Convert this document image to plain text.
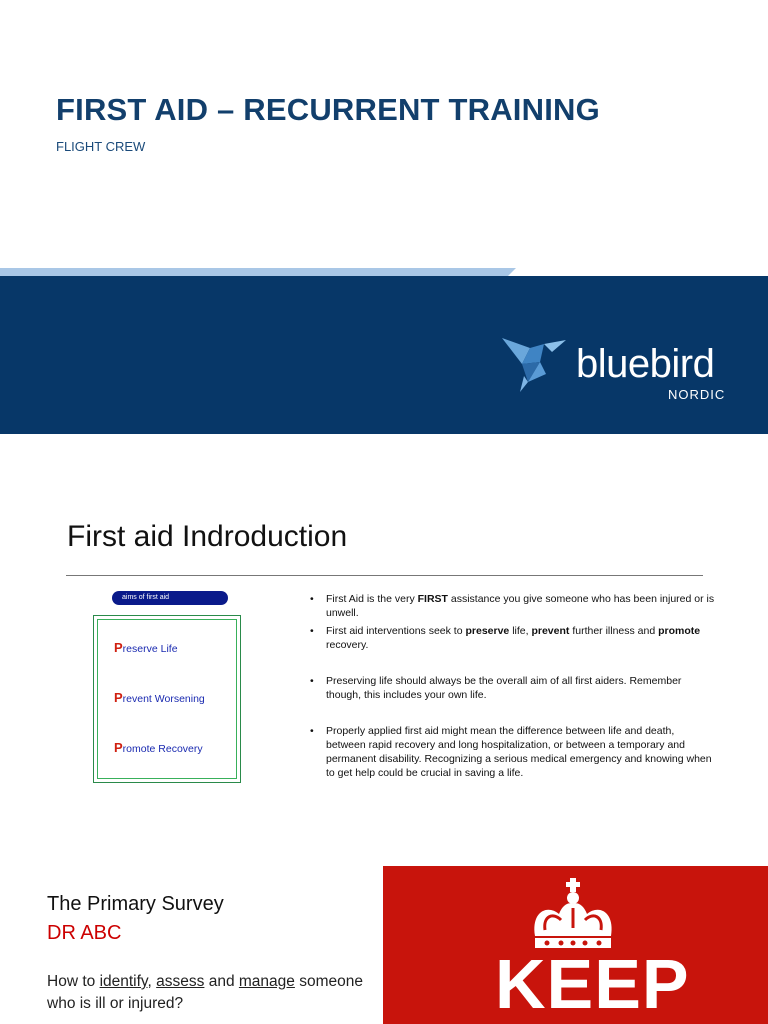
FIRST AID – RECURRENT TRAINING
FLIGHT CREW
bluebird
NORDIC
First aid Indroduction
aims of first aid
Preserve Life
Prevent Worsening
Promote Recovery
• First Aid is the very FIRST assistance you give someone who has been injured or is unwell.
• First aid interventions seek to preserve life, prevent further illness and promote recovery.
• Preserving life should always be the overall aim of all first aiders. Remember though, this includes your own life.
• Properly applied first aid might mean the difference between life and death, between rapid recovery and long hospitalization, or between a temporary and permanent disability. Recognizing a serious medical emergency and knowing when to get help could be crucial in saving a life.
The Primary Survey
DR ABC
How to identify, assess and manage someone who is ill or injured?	KEEP
